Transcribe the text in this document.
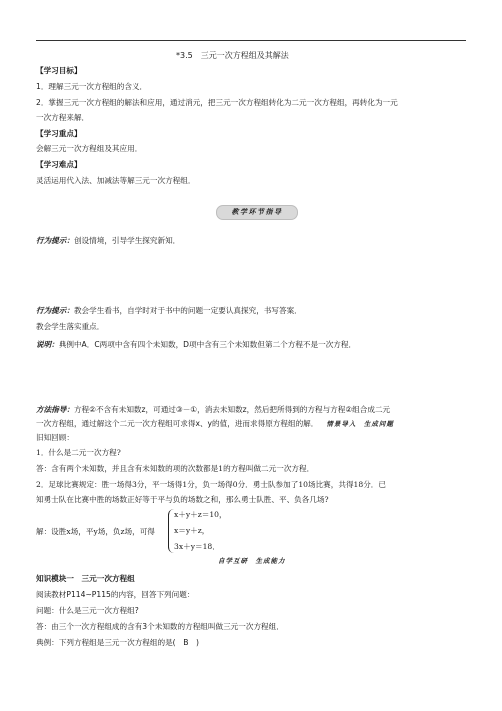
*3.5　三元一次方程组及其解法
【学习目标】
1．理解三元一次方程组的含义．
2．掌握三元一次方程组的解法和应用，通过消元，把三元一次方程组转化为二元一次方程组，再转化为一元
一次方程来解．
【学习重点】
会解三元一次方程组及其应用．
【学习难点】
灵活运用代入法、加减法等解三元一次方程组．
教学环节指导
行为提示：创设情境，引导学生探究新知．
行为提示：教会学生看书，自学时对于书中的问题一定要认真探究，书写答案．
教会学生落实重点．
说明：典例中A．C两项中含有四个未知数，D项中含有三个未知数但第二个方程不是一次方程．
方法指导：方程②不含有未知数z，可通过③－①，消去未知数z，然后把所得到的方程与方程②组合成二元
一次方程组，通过解这个二元一次方程组可求得x、y的值，进而求得原方程组的解． 情景导入　生成问题
旧知回顾：
1．什么是二元一次方程?
答：含有两个未知数，并且含有未知数的项的次数都是1的方程叫做二元一次方程．
2．足球比赛规定：胜一场得3分，平一场得1分，负一场得0分．勇士队参加了10场比赛，共得18分．已
知勇士队在比赛中胜的场数正好等于平与负的场数之和，那么勇士队胜、平、负各几场?
解：设胜x场，平y场，负z场，可得
x＋y＋z＝10，
x＝y＋z，
3x＋y＝18．
自学互研　生成能力
知识模块一　三元一次方程组
阅读教材P114~P115的内容，回答下列问题：
问题：什么是三元一次方程组?
答：由三个一次方程组成的含有3个未知数的方程组叫做三元一次方程组．
典例：下列方程组是三元一次方程组的是(　B　)
